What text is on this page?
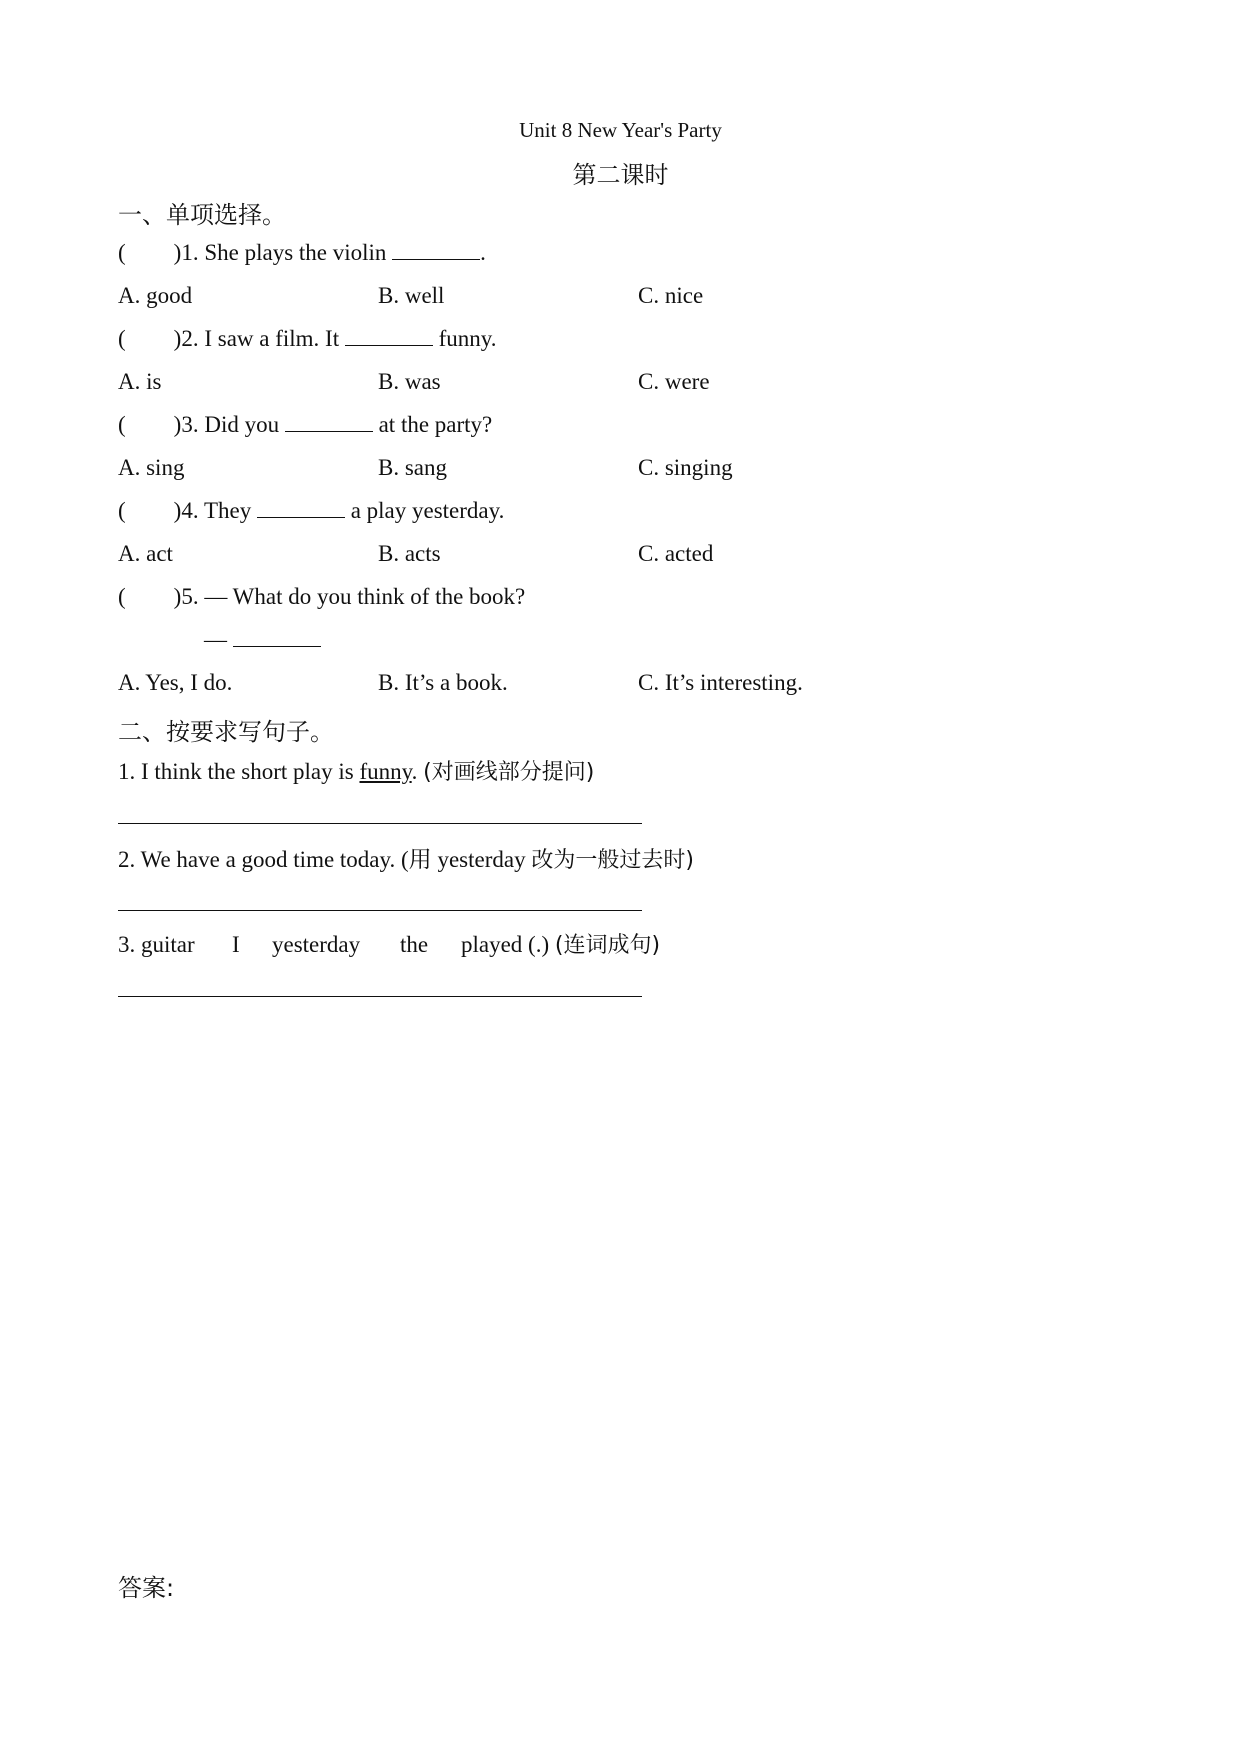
Unit 8 New Year's Party
第二课时
一、单项选择。
( )1. She plays the violin	.
A. good	B. well	C. nice
( )2. I saw a film. It	funny.
A. is	B. was	C. were
( )3. Did you	at the party?
A. sing	B. sang	C. singing
( )4. They	a play yesterday.
A. act	B. acts	C. acted
( )5. — What do you think of the book?
—
A. Yes, I do.	B. It’s a book.	C. It’s interesting.
二、按要求写句子。
1. I think the short play is funny. (对画线部分提问)
2. We have a good time today. (用 yesterday 改为一般过去时)
3. guitar I yesterday the played (.) (连词成句)
答案:
